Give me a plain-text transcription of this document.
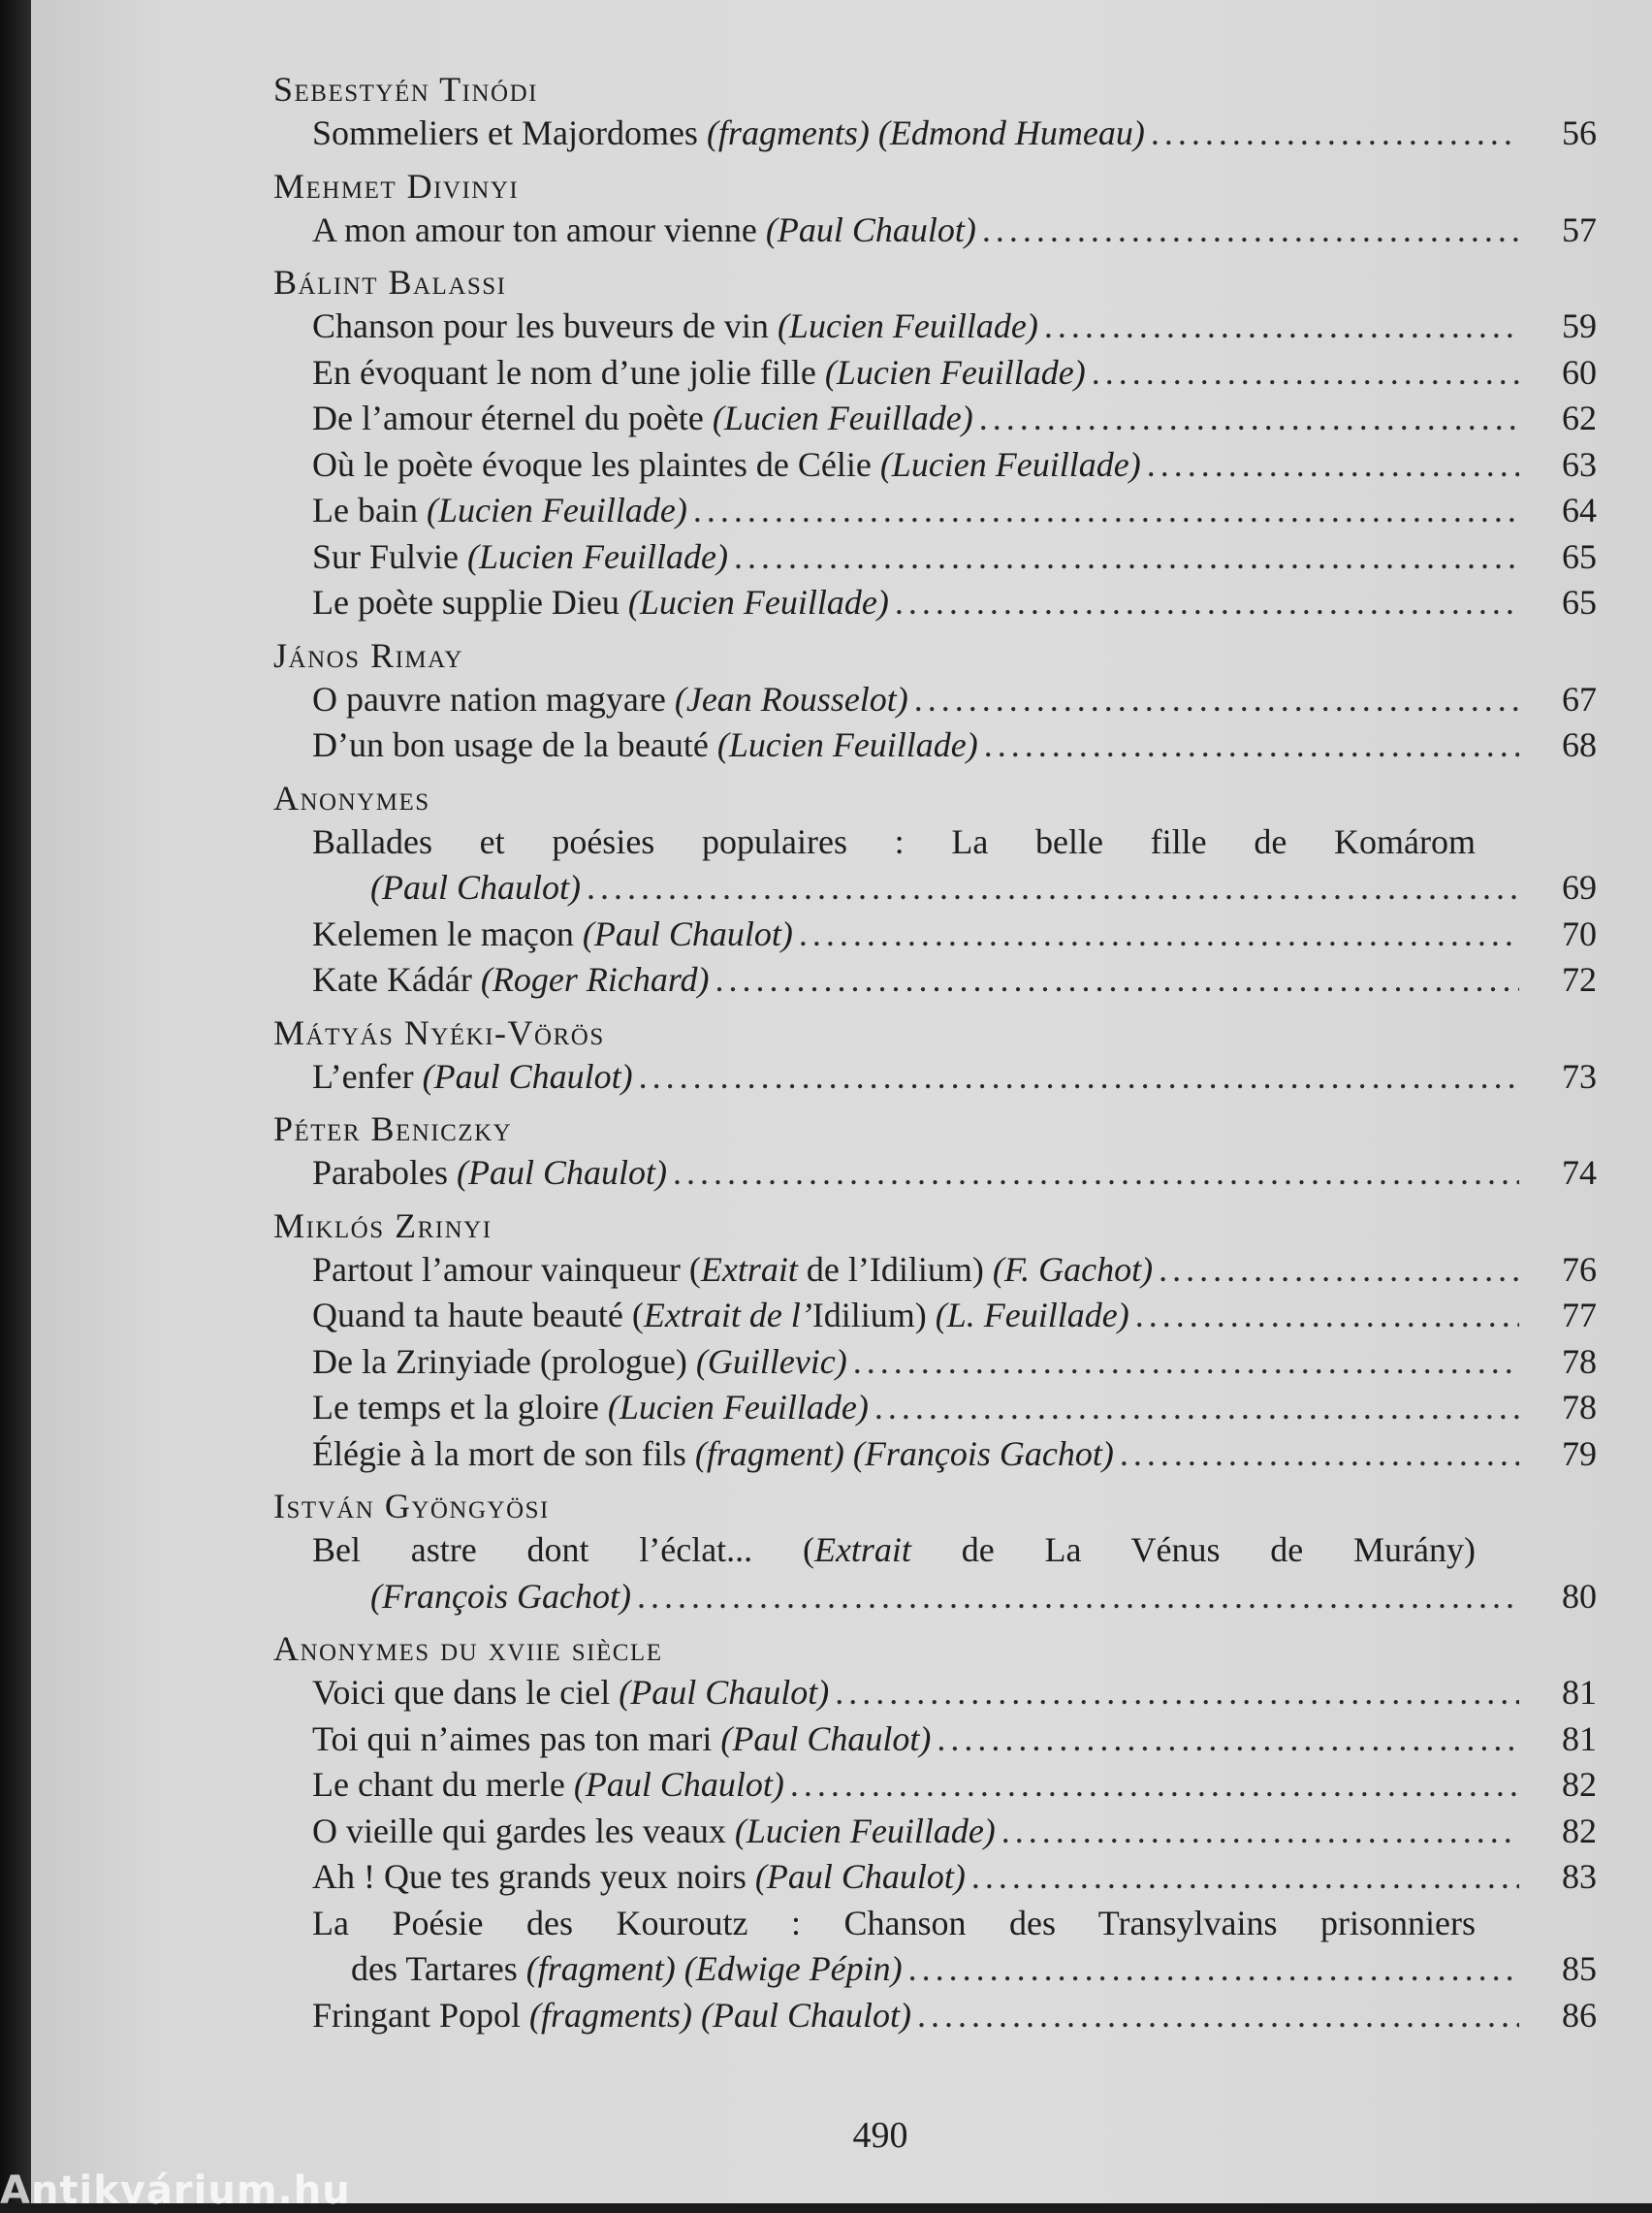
Sebestyén Tinódi
Sommeliers et Majordomes (fragments) (Edmond Humeau) . . .	56
Mehmet Divinyi
A mon amour ton amour vienne (Paul Chaulot) . . .	57
Bálint Balassi
Chanson pour les buveurs de vin (Lucien Feuillade) . . .	59
En évoquant le nom d’une jolie fille (Lucien Feuillade) . . .	60
De l’amour éternel du poète (Lucien Feuillade) . . .	62
Où le poète évoque les plaintes de Célie (Lucien Feuillade) . . .	63
Le bain (Lucien Feuillade) . . .	64
Sur Fulvie (Lucien Feuillade) . . .	65
Le poète supplie Dieu (Lucien Feuillade) . . .	65
János Rimay
O pauvre nation magyare (Jean Rousselot) . . .	67
D’un bon usage de la beauté (Lucien Feuillade) . . .	68
Anonymes
Ballades et poésies populaires : La belle fille de Komárom
(Paul Chaulot) . . .	69
Kelemen le maçon (Paul Chaulot) . . .	70
Kate Kádár (Roger Richard) . . .	72
Mátyás Nyéki-Vörös
L’enfer (Paul Chaulot) . . .	73
Péter Beniczky
Paraboles (Paul Chaulot) . . .	74
Miklós Zrinyi
Partout l’amour vainqueur (Extrait de l’Idilium) (F. Gachot) . . .	76
Quand ta haute beauté (Extrait de l’Idilium) (L. Feuillade) . . .	77
De la Zrinyiade (prologue) (Guillevic) . . .	78
Le temps et la gloire (Lucien Feuillade) . . .	78
Élégie à la mort de son fils (fragment) (François Gachot) . . .	79
István Gyöngyösi
Bel astre dont l’éclat... (Extrait de La Vénus de Murány)
(François Gachot) . . .	80
Anonymes du xviie siècle
Voici que dans le ciel (Paul Chaulot) . . .	81
Toi qui n’aimes pas ton mari (Paul Chaulot) . . .	81
Le chant du merle (Paul Chaulot) . . .	82
O vieille qui gardes les veaux (Lucien Feuillade) . . .	82
Ah ! Que tes grands yeux noirs (Paul Chaulot) . . .	83
La Poésie des Kouroutz : Chanson des Transylvains prisonniers
des Tartares (fragment) (Edwige Pépin) . . .	85
Fringant Popol (fragments) (Paul Chaulot) . . .	86
490
Antikvárium.hu
